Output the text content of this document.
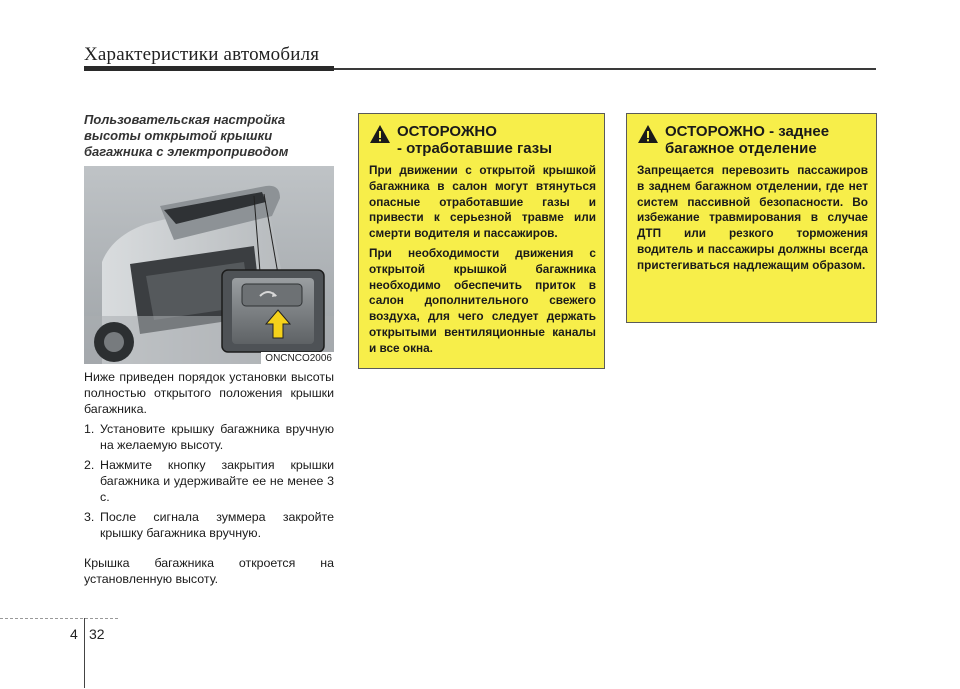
Характеристики автомобиля

Пользовательская настройка

высоты открытой крышки

багажника с электроприводом

ONCNCO2006

Ниже приведен порядок установки высоты полностью открытого положения крышки багажника.

1. Установите крышку багажника вручную на желаемую высоту.
2. Нажмите кнопку закрытия крышки багажника и удерживайте ее не менее 3 с.
3. После сигнала зуммера закройте крышку багажника вручную.

Крышка багажника откроется на установленную высоту.

ОСТОРОЖНО
- отработавшие газы

При движении с открытой крышкой багажника в салон могут втянуться опасные отработавшие газы и привести к серьезной травме или смерти водителя и пассажиров.

При необходимости движения с открытой крышкой багажника необходимо обеспечить приток в салон дополнительного свежего воздуха, для чего следует держать открытыми вентиляционные каналы и все окна.

ОСТОРОЖНО - заднее
багажное отделение

Запрещается перевозить пассажиров в заднем багажном отделении, где нет систем пассивной безопасности. Во избежание травмирования в случае ДТП или резкого торможения водитель и пассажиры должны всегда пристегиваться надлежащим образом.

4 32
